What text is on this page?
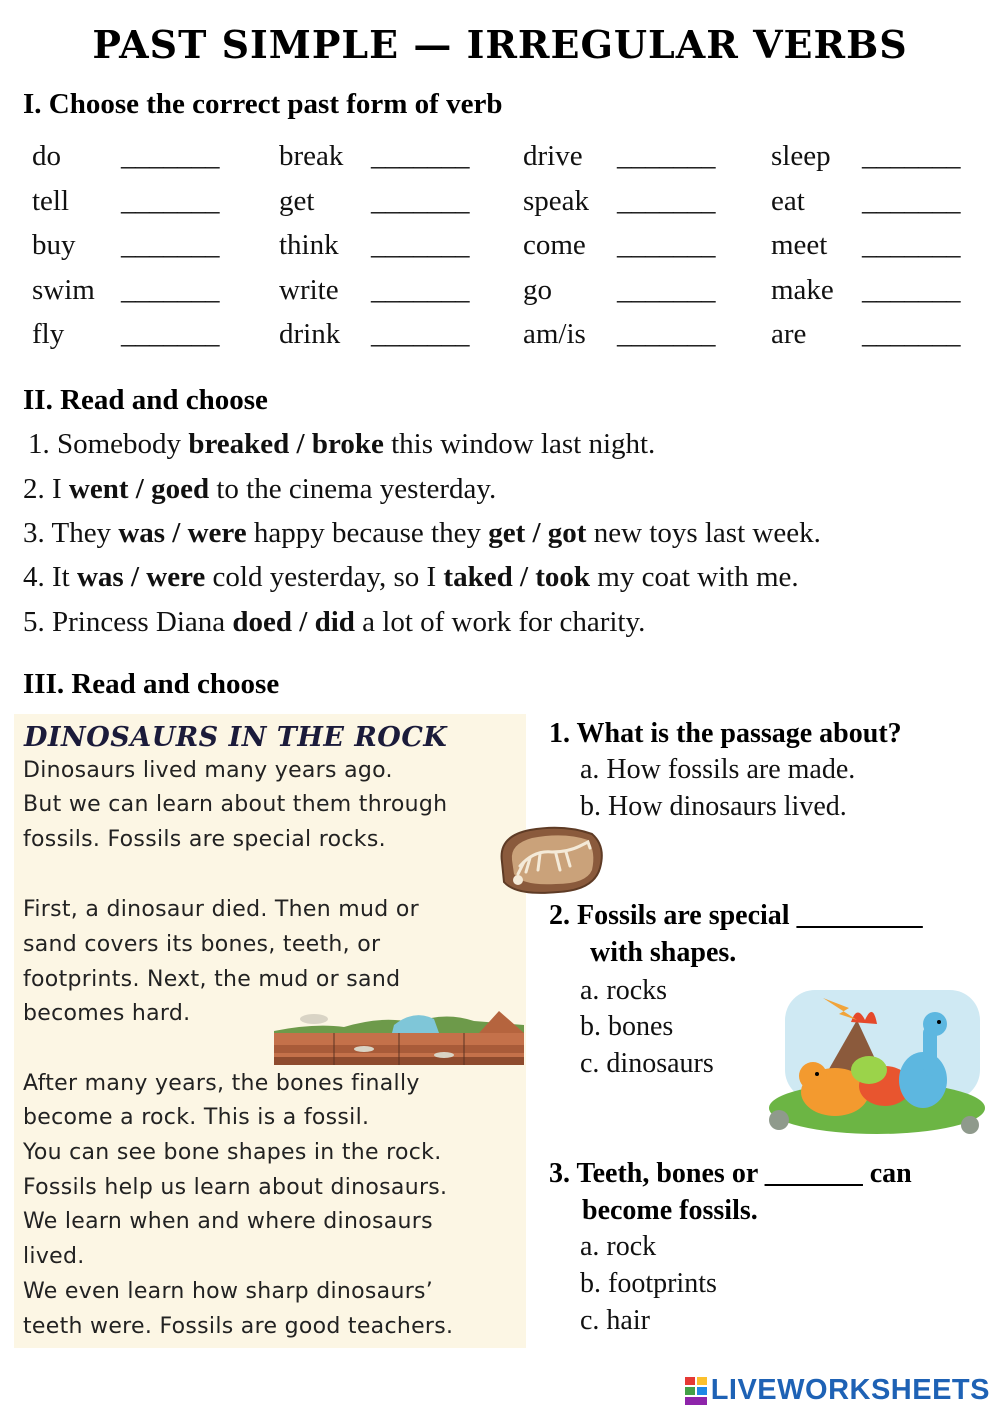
PAST SIMPLE — IRREGULAR VERBS
I. Choose the correct past form of verb
do _______ break _______ drive _______ sleep _______
tell _______ get _______ speak _______ eat _______
buy _______ think _______ come _______ meet _______
swim _______ write _______ go _______ make _______
fly _______ drink _______ am/is _______ are _______
II. Read and choose
1. Somebody breaked / broke this window last night.
2. I went / goed to the cinema yesterday.
3. They was / were happy because they get / got new toys last week.
4. It was / were cold yesterday, so I taked / took my coat with me.
5. Princess Diana doed / did a lot of work for charity.
III. Read and choose
DINOSAURS IN THE ROCK
Dinosaurs lived many years ago.
But we can learn about them through
fossils. Fossils are special rocks.
First, a dinosaur died. Then mud or
sand covers its bones, teeth, or
footprints. Next, the mud or sand
becomes hard.
After many years, the bones finally
become a rock. This is a fossil.
You can see bone shapes in the rock.
Fossils help us learn about dinosaurs.
We learn when and where dinosaurs
lived.
We even learn how sharp dinosaurs’
teeth were. Fossils are good teachers.
1. What is the passage about?
a. How fossils are made.
b. How dinosaurs lived.
2. Fossils are special _________
with shapes.
a. rocks
b. bones
c. dinosaurs
3. Teeth, bones or _______ can
become fossils.
a. rock
b. footprints
c. hair
LIVEWORKSHEETS
